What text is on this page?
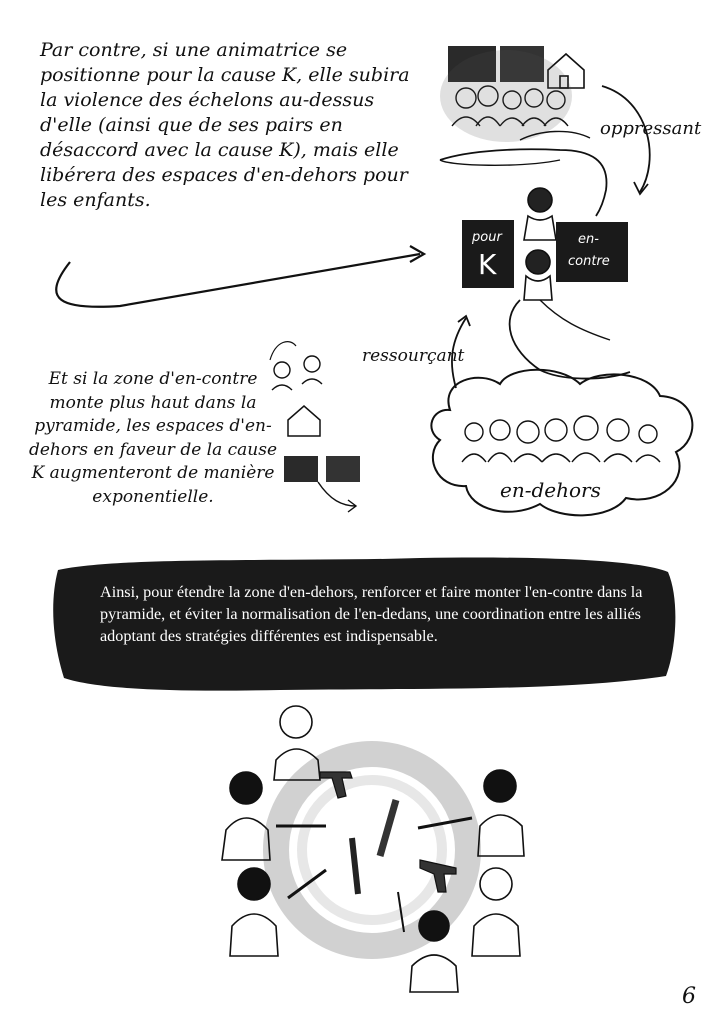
Par contre, si une animatrice se positionne pour la cause K, elle subira la violence des échelons au-dessus d'elle (ainsi que de ses pairs en désaccord avec la cause K), mais elle libérera des espaces d'en-dehors pour les enfants.
Et si la zone d'en-contre monte plus haut dans la pyramide, les espaces d'en-dehors en faveur de la cause K augmenteront de manière exponentielle.
oppressant
ressourçant
en-dehors
pour
K
en-
contre
Ainsi, pour étendre la zone d'en-dehors, renforcer et faire monter l'en-contre dans la pyramide, et éviter la normalisation de l'en-dedans, une coordination entre les alliés adoptant des stratégies différentes est indispensable.
6
